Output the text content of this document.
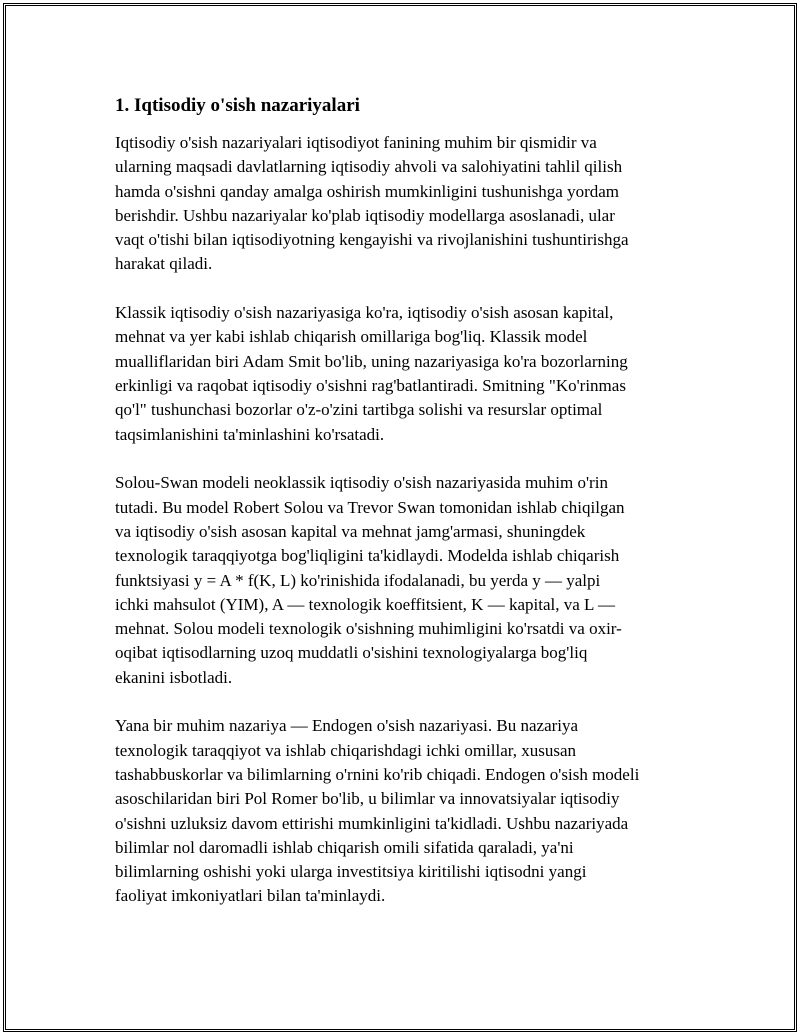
1. Iqtisodiy o'sish nazariyalari

Iqtisodiy o'sish nazariyalari iqtisodiyot fanining muhim bir qismidir va
ularning maqsadi davlatlarning iqtisodiy ahvoli va salohiyatini tahlil qilish
hamda o'sishni qanday amalga oshirish mumkinligini tushunishga yordam
berishdir. Ushbu nazariyalar ko'plab iqtisodiy modellarga asoslanadi, ular
vaqt o'tishi bilan iqtisodiyotning kengayishi va rivojlanishini tushuntirishga
harakat qiladi.

Klassik iqtisodiy o'sish nazariyasiga ko'ra, iqtisodiy o'sish asosan kapital,
mehnat va yer kabi ishlab chiqarish omillariga bog'liq. Klassik model
mualliflaridan biri Adam Smit bo'lib, uning nazariyasiga ko'ra bozorlarning
erkinligi va raqobat iqtisodiy o'sishni rag'batlantiradi. Smitning "Ko'rinmas
qo'l" tushunchasi bozorlar o'z-o'zini tartibga solishi va resurslar optimal
taqsimlanishini ta'minlashini ko'rsatadi.

Solou-Swan modeli neoklassik iqtisodiy o'sish nazariyasida muhim o'rin
tutadi. Bu model Robert Solou va Trevor Swan tomonidan ishlab chiqilgan
va iqtisodiy o'sish asosan kapital va mehnat jamg'armasi, shuningdek
texnologik taraqqiyotga bog'liqligini ta'kidlaydi. Modelda ishlab chiqarish
funktsiyasi y = A * f(K, L) ko'rinishida ifodalanadi, bu yerda y — yalpi
ichki mahsulot (YIM), A — texnologik koeffitsient, K — kapital, va L —
mehnat. Solou modeli texnologik o'sishning muhimligini ko'rsatdi va oxir-
oqibat iqtisodlarning uzoq muddatli o'sishini texnologiyalarga bog'liq
ekanini isbotladi.

Yana bir muhim nazariya — Endogen o'sish nazariyasi. Bu nazariya
texnologik taraqqiyot va ishlab chiqarishdagi ichki omillar, xususan
tashabbuskorlar va bilimlarning o'rnini ko'rib chiqadi. Endogen o'sish modeli
asoschilaridan biri Pol Romer bo'lib, u bilimlar va innovatsiyalar iqtisodiy
o'sishni uzluksiz davom ettirishi mumkinligini ta'kidladi. Ushbu nazariyada
bilimlar nol daromadli ishlab chiqarish omili sifatida qaraladi, ya'ni
bilimlarning oshishi yoki ularga investitsiya kiritilishi iqtisodni yangi
faoliyat imkoniyatlari bilan ta'minlaydi.
